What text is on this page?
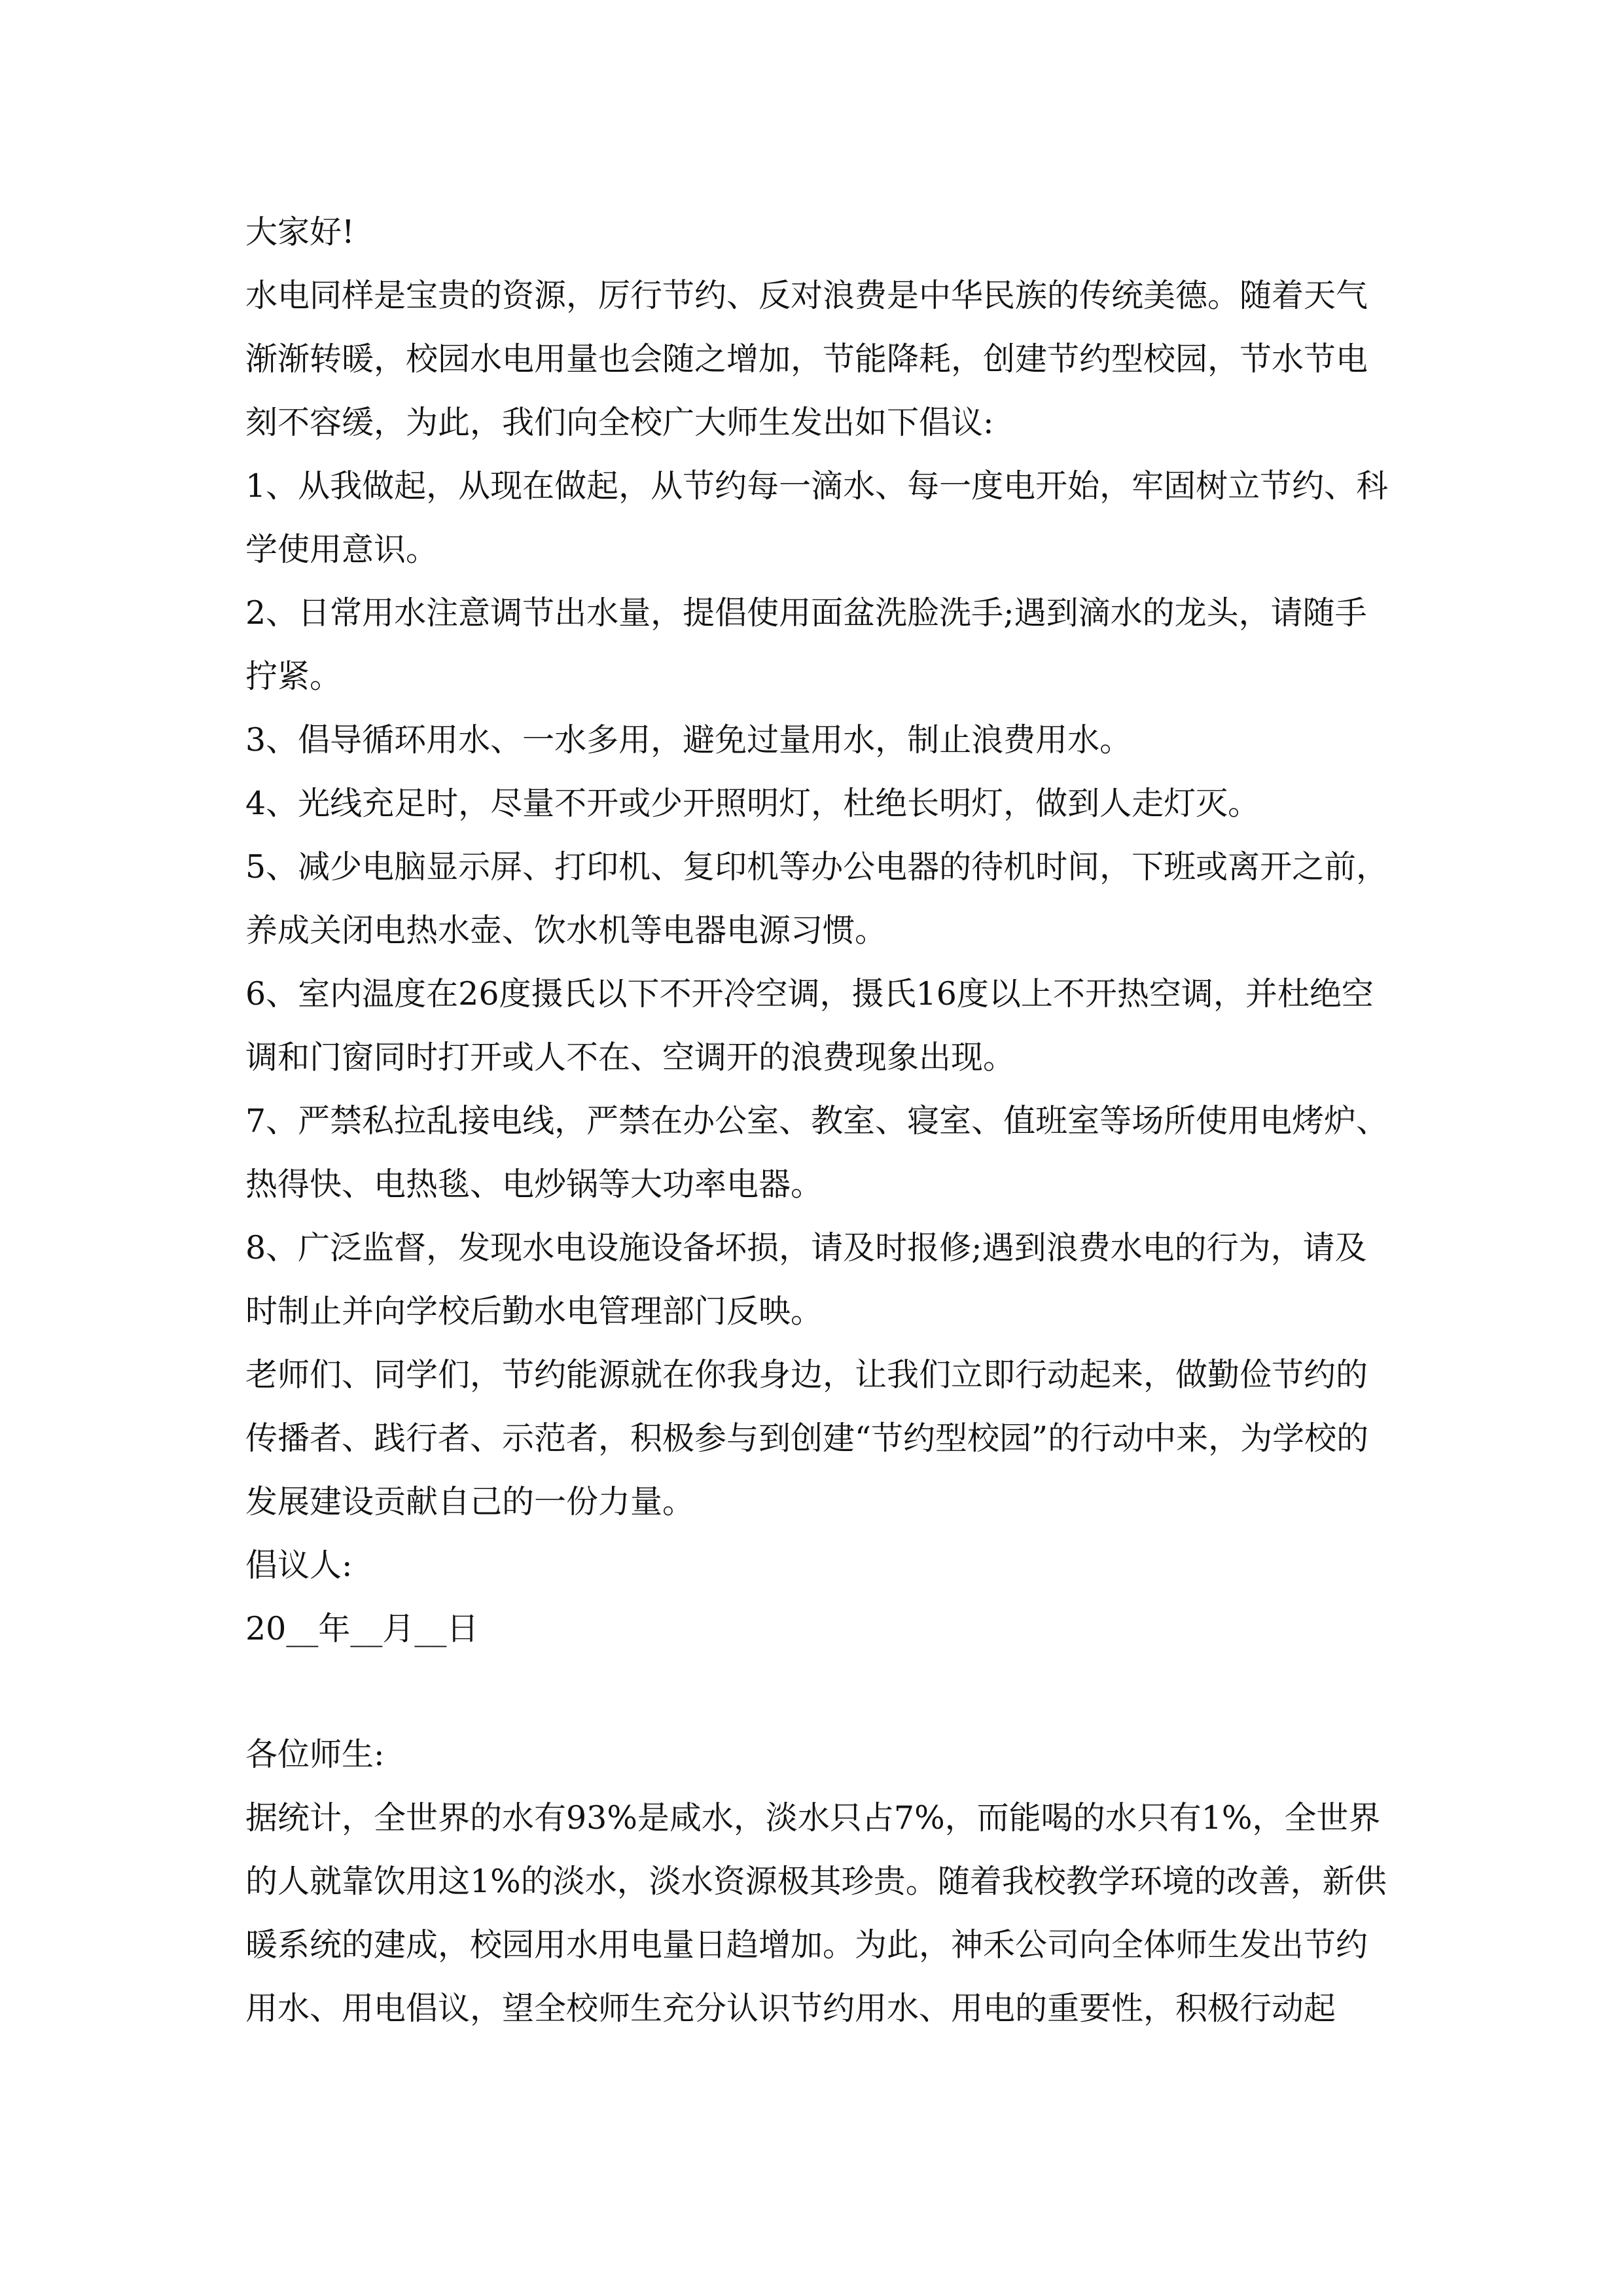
大家好!

水电同样是宝贵的资源，厉行节约、反对浪费是中华民族的传统美德。随着天气渐渐转暖，校园水电用量也会随之增加，节能降耗，创建节约型校园，节水节电刻不容缓，为此，我们向全校广大师生发出如下倡议:

1、从我做起，从现在做起，从节约每一滴水、每一度电开始，牢固树立节约、科学使用意识。

2、日常用水注意调节出水量，提倡使用面盆洗脸洗手;遇到滴水的龙头，请随手拧紧。

3、倡导循环用水、一水多用，避免过量用水，制止浪费用水。

4、光线充足时，尽量不开或少开照明灯，杜绝长明灯，做到人走灯灭。

5、减少电脑显示屏、打印机、复印机等办公电器的待机时间，下班或离开之前，养成关闭电热水壶、饮水机等电器电源习惯。

6、室内温度在26度摄氏以下不开冷空调，摄氏16度以上不开热空调，并杜绝空调和门窗同时打开或人不在、空调开的浪费现象出现。

7、严禁私拉乱接电线，严禁在办公室、教室、寝室、值班室等场所使用电烤炉、热得快、电热毯、电炒锅等大功率电器。

8、广泛监督，发现水电设施设备坏损，请及时报修;遇到浪费水电的行为，请及时制止并向学校后勤水电管理部门反映。

老师们、同学们，节约能源就在你我身边，让我们立即行动起来，做勤俭节约的传播者、践行者、示范者，积极参与到创建“节约型校园”的行动中来，为学校的发展建设贡献自己的一份力量。

倡议人:

20__年__月__日

各位师生:

据统计，全世界的水有93%是咸水，淡水只占7%，而能喝的水只有1%，全世界的人就靠饮用这1%的淡水，淡水资源极其珍贵。随着我校教学环境的改善，新供暖系统的建成，校园用水用电量日趋增加。为此，神禾公司向全体师生发出节约用水、用电倡议，望全校师生充分认识节约用水、用电的重要性，积极行动起
